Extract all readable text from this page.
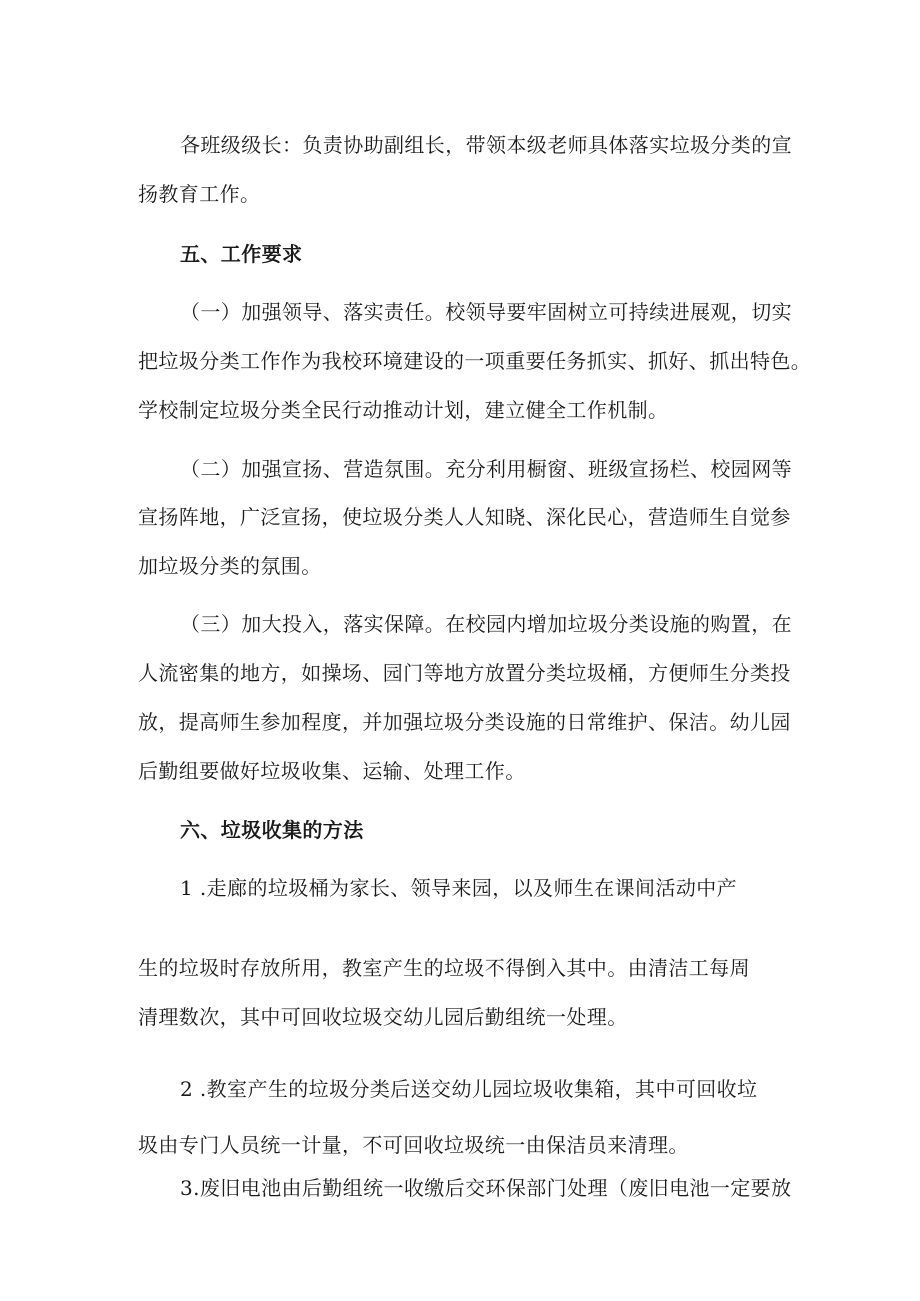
各班级级长：负责协助副组长，带领本级老师具体落实垃圾分类的宣
扬教育工作。
五、工作要求
（一）加强领导、落实责任。校领导要牢固树立可持续进展观，切实
把垃圾分类工作作为我校环境建设的一项重要任务抓实、抓好、抓出特色。
学校制定垃圾分类全民行动推动计划，建立健全工作机制。
（二）加强宣扬、营造氛围。充分利用橱窗、班级宣扬栏、校园网等
宣扬阵地，广泛宣扬，使垃圾分类人人知晓、深化民心，营造师生自觉参
加垃圾分类的氛围。
（三）加大投入，落实保障。在校园内增加垃圾分类设施的购置，在
人流密集的地方，如操场、园门等地方放置分类垃圾桶，方便师生分类投
放，提高师生参加程度，并加强垃圾分类设施的日常维护、保洁。幼儿园
后勤组要做好垃圾收集、运输、处理工作。
六、垃圾收集的方法
1 .走廊的垃圾桶为家长、领导来园，以及师生在课间活动中产
生的垃圾时存放所用，教室产生的垃圾不得倒入其中。由清洁工每周
清理数次，其中可回收垃圾交幼儿园后勤组统一处理。
2 .教室产生的垃圾分类后送交幼儿园垃圾收集箱，其中可回收垃
圾由专门人员统一计量，不可回收垃圾统一由保洁员来清理。
3.废旧电池由后勤组统一收缴后交环保部门处理（废旧电池一定要放
